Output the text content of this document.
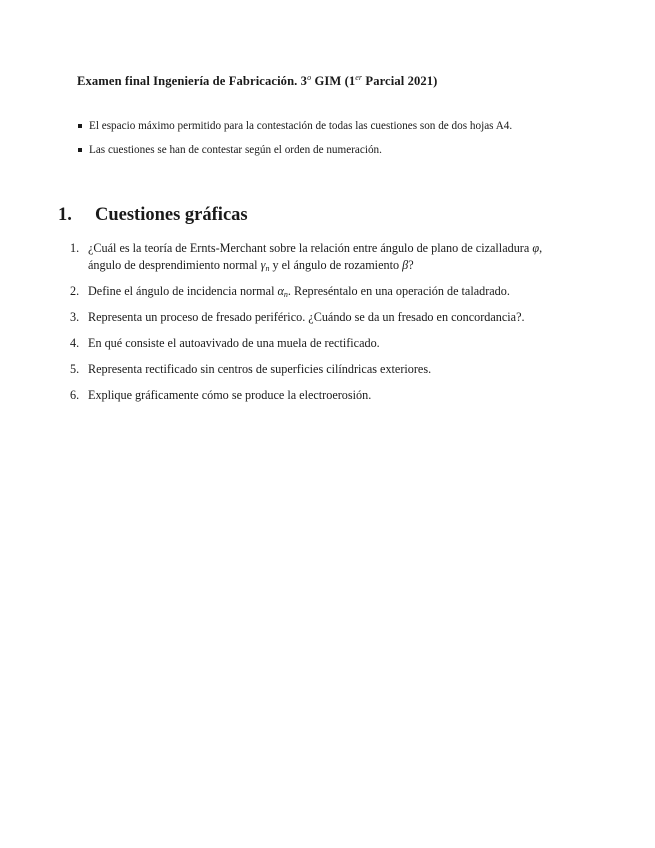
Examen final Ingeniería de Fabricación. 3$^o$ GIM (1er Parcial 2021)
El espacio máximo permitido para la contestación de todas las cuestiones son de dos hojas A4.
Las cuestiones se han de contestar según el orden de numeración.
1. Cuestiones gráficas
1. ¿Cuál es la teoría de Ernts-Merchant sobre la relación entre ángulo de plano de cizalladura φ,
ángulo de desprendimiento normal $\gamma_n$ y el ángulo de rozamiento β?
2. Define el ángulo de incidencia normal $\alpha_n$. Represéntalo en una operación de taladrado.
3. Representa un proceso de fresado periférico. ¿Cuándo se da un fresado en concordancia?.
4. En qué consiste el autoavivado de una muela de rectificado.
5. Representa rectificado sin centros de superficies cilíndricas exteriores.
6. Explique gráficamente cómo se produce la electroerosión.
